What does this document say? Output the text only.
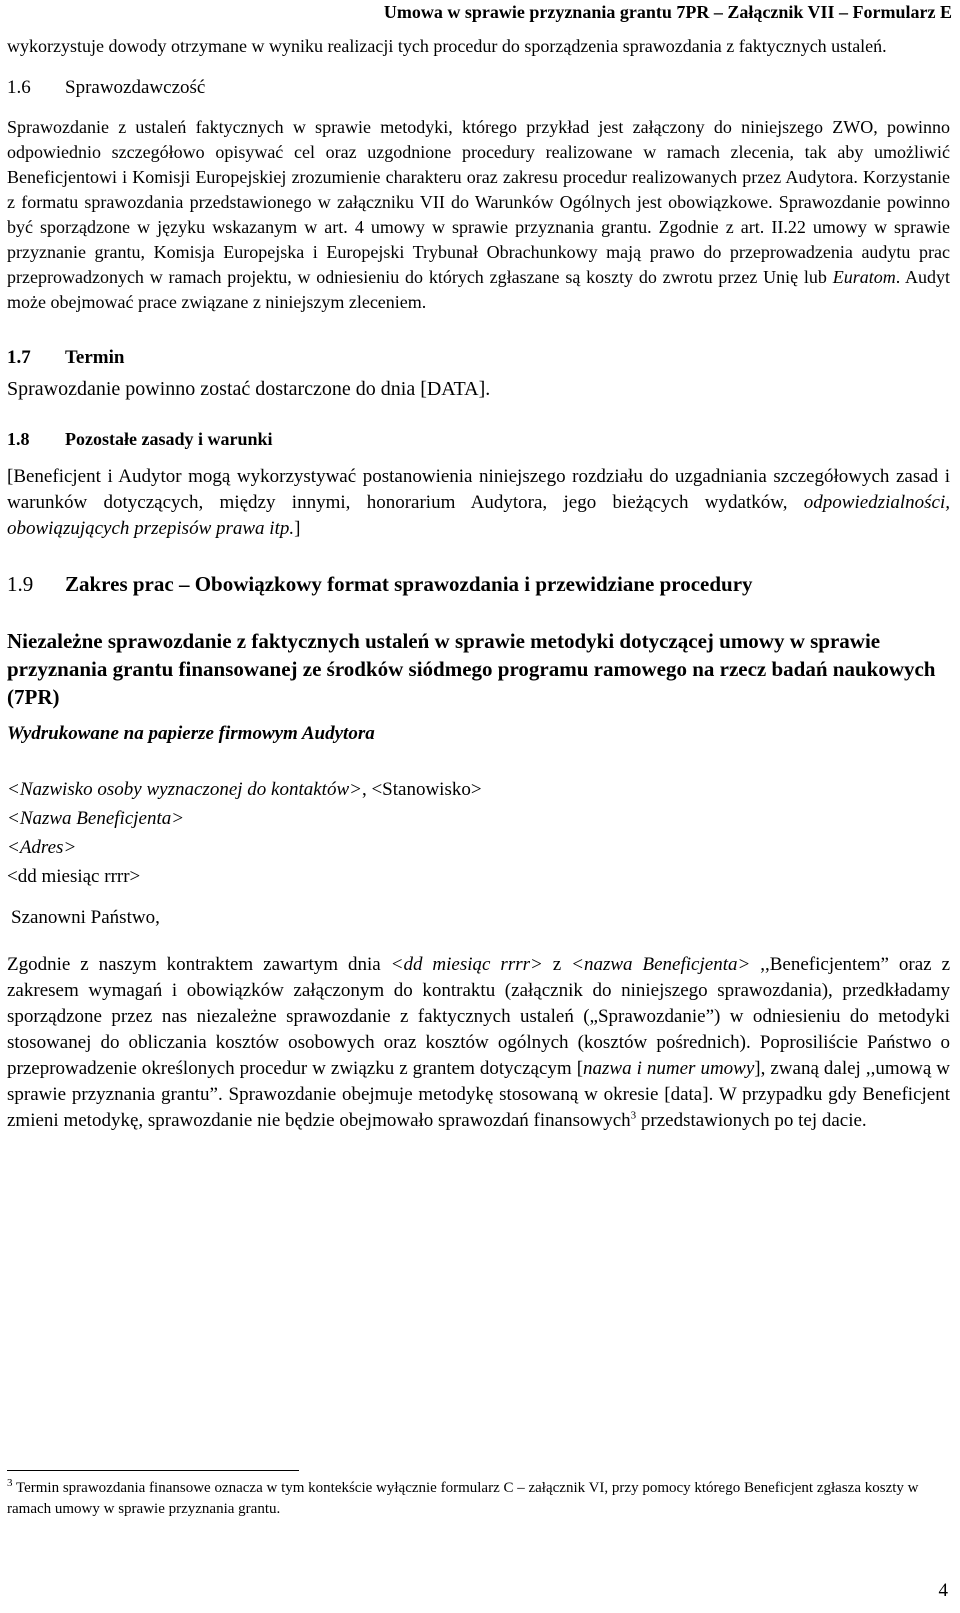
Umowa w sprawie przyznania grantu 7PR – Załącznik VII – Formularz E

wykorzystuje dowody otrzymane w wyniku realizacji tych procedur do sporządzenia sprawozdania z faktycznych ustaleń.

1.6 Sprawozdawczość

Sprawozdanie z ustaleń faktycznych w sprawie metodyki, którego przykład jest załączony do niniejszego ZWO, powinno odpowiednio szczegółowo opisywać cel oraz uzgodnione procedury realizowane w ramach zlecenia, tak aby umożliwić Beneficjentowi i Komisji Europejskiej zrozumienie charakteru oraz zakresu procedur realizowanych przez Audytora. Korzystanie z formatu sprawozdania przedstawionego w załączniku VII do Warunków Ogólnych jest obowiązkowe. Sprawozdanie powinno być sporządzone w języku wskazanym w art. 4 umowy w sprawie przyznania grantu. Zgodnie z art. II.22 umowy w sprawie przyznanie grantu, Komisja Europejska i Europejski Trybunał Obrachunkowy mają prawo do przeprowadzenia audytu prac przeprowadzonych w ramach projektu, w odniesieniu do których zgłaszane są koszty do zwrotu przez Unię lub Euratom. Audyt może obejmować prace związane z niniejszym zleceniem.

1.7 Termin

Sprawozdanie powinno zostać dostarczone do dnia [DATA].

1.8 Pozostałe zasady i warunki

[Beneficjent i Audytor mogą wykorzystywać postanowienia niniejszego rozdziału do uzgadniania szczegółowych zasad i warunków dotyczących, między innymi, honorarium Audytora, jego bieżących wydatków, odpowiedzialności, obowiązujących przepisów prawa itp.]

1.9 Zakres prac – Obowiązkowy format sprawozdania i przewidziane procedury

Niezależne sprawozdanie z faktycznych ustaleń w sprawie metodyki dotyczącej umowy w sprawie przyznania grantu finansowanej ze środków siódmego programu ramowego na rzecz badań naukowych (7PR)

Wydrukowane na papierze firmowym Audytora

<Nazwisko osoby wyznaczonej do kontaktów>, <Stanowisko>

<Nazwa Beneficjenta>

<Adres>

<dd miesiąc rrrr>

Szanowni Państwo,

Zgodnie z naszym kontraktem zawartym dnia <dd miesiąc rrrr> z <nazwa Beneficjenta> ,,Beneficjentem” oraz z zakresem wymagań i obowiązków załączonym do kontraktu (załącznik do niniejszego sprawozdania), przedkładamy sporządzone przez nas niezależne sprawozdanie z faktycznych ustaleń („Sprawozdanie”) w odniesieniu do metodyki stosowanej do obliczania kosztów osobowych oraz kosztów ogólnych (kosztów pośrednich). Poprosiliście Państwo o przeprowadzenie określonych procedur w związku z grantem dotyczącym [nazwa i numer umowy], zwaną dalej ,,umową w sprawie przyznania grantu”. Sprawozdanie obejmuje metodykę stosowaną w okresie [data]. W przypadku gdy Beneficjent zmieni metodykę, sprawozdanie nie będzie obejmowało sprawozdań finansowych$^3$ przedstawionych po tej dacie.

$^3$ Termin sprawozdania finansowe oznacza w tym kontekście wyłącznie formularz C – załącznik VI, przy pomocy którego Beneficjent zgłasza koszty w ramach umowy w sprawie przyznania grantu.
4
